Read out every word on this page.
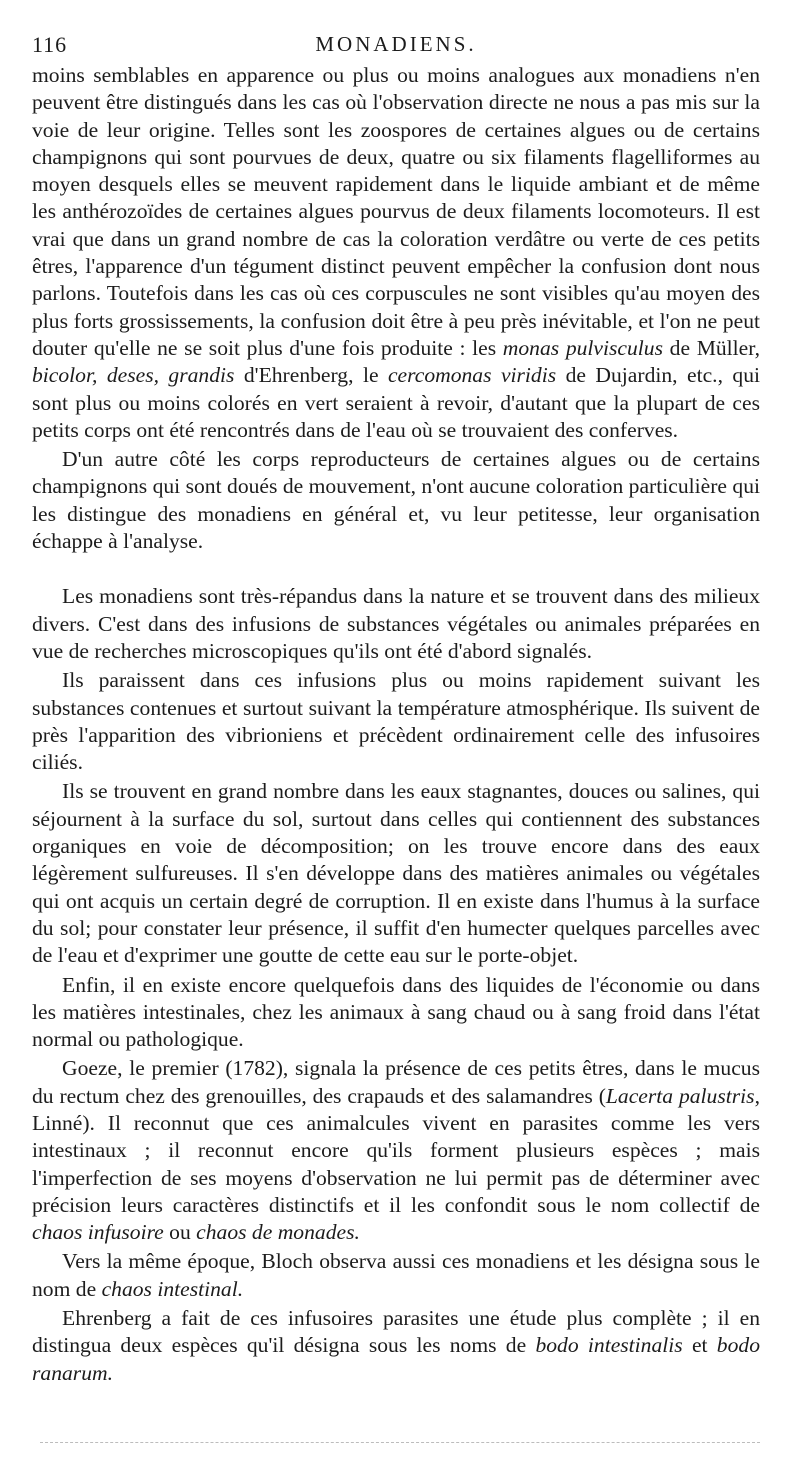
116	MONADIENS.

moins semblables en apparence ou plus ou moins analogues aux monadiens n'en peuvent être distingués dans les cas où l'observation directe ne nous a pas mis sur la voie de leur origine. Telles sont les zoospores de certaines algues ou de certains champignons qui sont pourvues de deux, quatre ou six filaments flagelliformes au moyen desquels elles se meuvent rapidement dans le liquide ambiant et de même les anthérozoïdes de certaines algues pourvus de deux filaments locomoteurs. Il est vrai que dans un grand nombre de cas la coloration verdâtre ou verte de ces petits êtres, l'apparence d'un tégument distinct peuvent empêcher la confusion dont nous parlons. Toutefois dans les cas où ces corpuscules ne sont visibles qu'au moyen des plus forts grossissements, la confusion doit être à peu près inévitable, et l'on ne peut douter qu'elle ne se soit plus d'une fois produite : les monas pulvisculus de Müller, bicolor, deses, grandis d'Ehrenberg, le cercomonas viridis de Dujardin, etc., qui sont plus ou moins colorés en vert seraient à revoir, d'autant que la plupart de ces petits corps ont été rencontrés dans de l'eau où se trouvaient des conferves.

D'un autre côté les corps reproducteurs de certaines algues ou de certains champignons qui sont doués de mouvement, n'ont aucune coloration particulière qui les distingue des monadiens en général et, vu leur petitesse, leur organisation échappe à l'analyse.

Les monadiens sont très-répandus dans la nature et se trouvent dans des milieux divers. C'est dans des infusions de substances végétales ou animales préparées en vue de recherches microscopiques qu'ils ont été d'abord signalés.

Ils paraissent dans ces infusions plus ou moins rapidement suivant les substances contenues et surtout suivant la température atmosphérique. Ils suivent de près l'apparition des vibrioniens et précèdent ordinairement celle des infusoires ciliés.

Ils se trouvent en grand nombre dans les eaux stagnantes, douces ou salines, qui séjournent à la surface du sol, surtout dans celles qui contiennent des substances organiques en voie de décomposition; on les trouve encore dans des eaux légèrement sulfureuses. Il s'en développe dans des matières animales ou végétales qui ont acquis un certain degré de corruption. Il en existe dans l'humus à la surface du sol; pour constater leur présence, il suffit d'en humecter quelques parcelles avec de l'eau et d'exprimer une goutte de cette eau sur le porte-objet.

Enfin, il en existe encore quelquefois dans des liquides de l'économie ou dans les matières intestinales, chez les animaux à sang chaud ou à sang froid dans l'état normal ou pathologique.

Goeze, le premier (1782), signala la présence de ces petits êtres, dans le mucus du rectum chez des grenouilles, des crapauds et des salamandres (Lacerta palustris, Linné). Il reconnut que ces animalcules vivent en parasites comme les vers intestinaux ; il reconnut encore qu'ils forment plusieurs espèces ; mais l'imperfection de ses moyens d'observation ne lui permit pas de déterminer avec précision leurs caractères distinctifs et il les confondit sous le nom collectif de chaos infusoire ou chaos de monades.

Vers la même époque, Bloch observa aussi ces monadiens et les désigna sous le nom de chaos intestinal.

Ehrenberg a fait de ces infusoires parasites une étude plus complète ; il en distingua deux espèces qu'il désigna sous les noms de bodo intestinalis et bodo ranarum.
